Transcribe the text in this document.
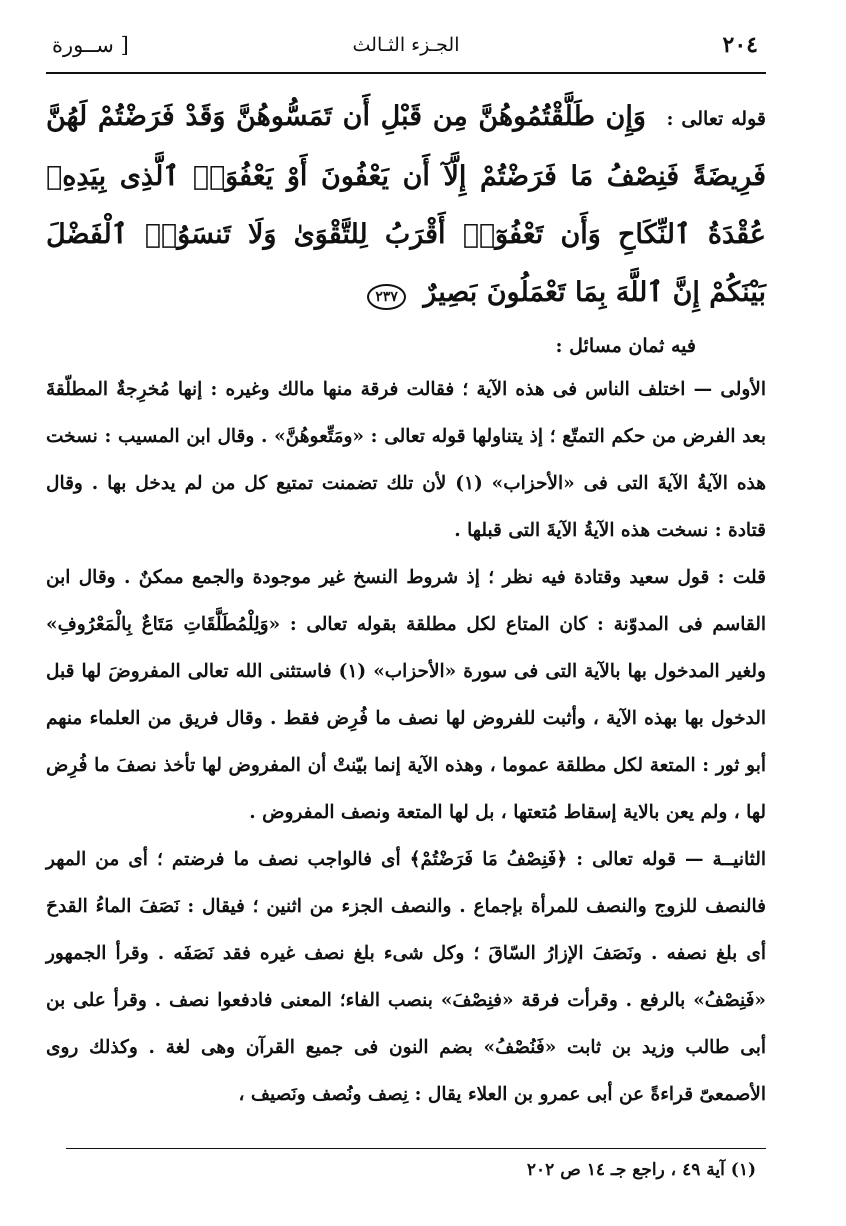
٢٠٤
الجـزء الثـالث
[ ســورة
قوله تعالى : وَإِن طَلَّقْتُمُوهُنَّ مِن قَبْلِ أَن تَمَسُّوهُنَّ وَقَدْ فَرَضْتُمْ لَهُنَّ فَرِيضَةً فَنِصْفُ مَا فَرَضْتُمْ إِلَّآ أَن يَعْفُونَ أَوْ يَعْفُوَا۟ ٱلَّذِى بِيَدِهِۦ عُقْدَةُ ٱلنِّكَاحِ وَأَن تَعْفُوٓا۟ أَقْرَبُ لِلتَّقْوَىٰ وَلَا تَنسَوُا۟ ٱلْفَضْلَ بَيْنَكُمْ إِنَّ ٱللَّهَ بِمَا تَعْمَلُونَ بَصِيرٌ ٢٣٧

فيه ثمان مسائل :

الأولى — اختلف الناس فى هذه الآية ؛ فقالت فرقة منها مالك وغيره : إنها مُخرِجةٌ المطلّقةَ بعد الفرض من حكم التمتّع ؛ إذ يتناولها قوله تعالى : «ومَتِّعوهُنَّ» . وقال ابن المسيب : نسخت هذه الآيةُ الآيةَ التى فى «الأحزاب» (١) لأن تلك تضمنت تمتيع كل من لم يدخل بها . وقال قتادة : نسخت هذه الآيةُ الآيةَ التى قبلها .

قلت : قول سعيد وقتادة فيه نظر ؛ إذ شروط النسخ غير موجودة والجمع ممكنٌ . وقال ابن القاسم فى المدوّنة : كان المتاع لكل مطلقة بقوله تعالى : «وَلِلْمُطَلَّقَاتِ مَتَاعٌ بِالْمَعْرُوفِ» ولغير المدخول بها بالآية التى فى سورة «الأحزاب» (١) فاستثنى الله تعالى المفروضَ لها قبل الدخول بها بهذه الآية ، وأثبت للفروض لها نصف ما فُرِض فقط . وقال فريق من العلماء منهم أبو ثور : المتعة لكل مطلقة عموما ، وهذه الآية إنما بيّنتْ أن المفروض لها تأخذ نصفَ ما فُرِض لها ، ولم يعن بالاية إسقاط مُتعتها ، بل لها المتعة ونصف المفروض .

الثانيــة — قوله تعالى : ﴿فَنِصْفُ مَا فَرَضْتُمْ﴾ أى فالواجب نصف ما فرضتم ؛ أى من المهر فالنصف للزوج والنصف للمرأة بإجماع . والنصف الجزء من اثنين ؛ فيقال : نَصَفَ الماءُ القدحَ أى بلغ نصفه . ونَصَفَ الإزارُ السّاقَ ؛ وكل شىء بلغ نصف غيره فقد نَصَفَه . وقرأ الجمهور «فَنِصْفُ» بالرفع . وقرأت فرقة «فنِصْفَ» بنصب الفاء؛ المعنى فادفعوا نصف . وقرأ على بن أبى طالب وزيد بن ثابت «فَنُصْفُ» بضم النون فى جميع القرآن وهى لغة . وكذلك روى الأصمعىّ قراءةً عن أبى عمرو بن العلاء يقال : نِصف ونُصف ونَصيف ،

(١) آية ٤٩ ، راجع جـ ١٤ ص ٢٠٢
